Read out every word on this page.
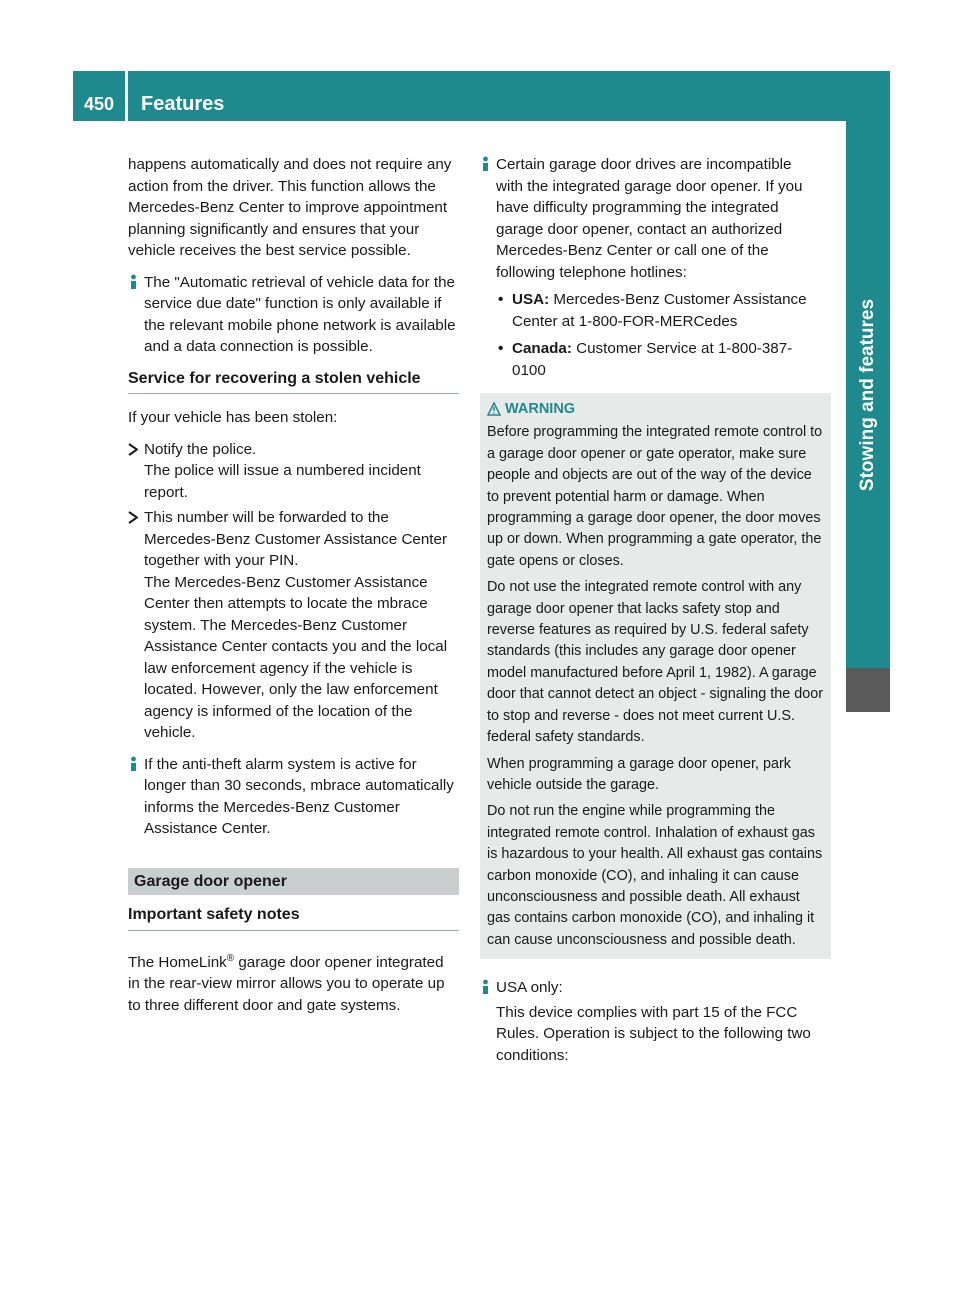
450	Features
Stowing and features

happens automatically and does not require any action from the driver. This function allows the Mercedes-Benz Center to improve appointment planning significantly and ensures that your vehicle receives the best service possible.

The "Automatic retrieval of vehicle data for the service due date" function is only available if the relevant mobile phone network is available and a data connection is possible.
Service for recovering a stolen vehicle

If your vehicle has been stolen:

Notify the police.
The police will issue a numbered incident report.
This number will be forwarded to the Mercedes-Benz Customer Assistance Center together with your PIN.
The Mercedes-Benz Customer Assistance Center then attempts to locate the mbrace system. The Mercedes-Benz Customer Assistance Center contacts you and the local law enforcement agency if the vehicle is located. However, only the law enforcement agency is informed of the location of the vehicle.
If the anti-theft alarm system is active for longer than 30 seconds, mbrace automatically informs the Mercedes-Benz Customer Assistance Center.
Garage door opener
Important safety notes

The HomeLink® garage door opener integrated in the rear-view mirror allows you to operate up to three different door and gate systems.

Certain garage door drives are incompatible with the integrated garage door opener. If you have difficulty programming the integrated garage door opener, contact an authorized Mercedes-Benz Center or call one of the following telephone hotlines:
• USA: Mercedes-Benz Customer Assistance Center at 1-800-FOR-MERCedes
• Canada: Customer Service at 1-800-387-0100
WARNING

Before programming the integrated remote control to a garage door opener or gate operator, make sure people and objects are out of the way of the device to prevent potential harm or damage. When programming a garage door opener, the door moves up or down. When programming a gate operator, the gate opens or closes.

Do not use the integrated remote control with any garage door opener that lacks safety stop and reverse features as required by U.S. federal safety standards (this includes any garage door opener model manufactured before April 1, 1982). A garage door that cannot detect an object - signaling the door to stop and reverse - does not meet current U.S. federal safety standards.

When programming a garage door opener, park vehicle outside the garage.

Do not run the engine while programming the integrated remote control. Inhalation of exhaust gas is hazardous to your health. All exhaust gas contains carbon monoxide (CO), and inhaling it can cause unconsciousness and possible death. All exhaust gas contains carbon monoxide (CO), and inhaling it can cause unconsciousness and possible death.

USA only:
This device complies with part 15 of the FCC Rules. Operation is subject to the following two conditions:
